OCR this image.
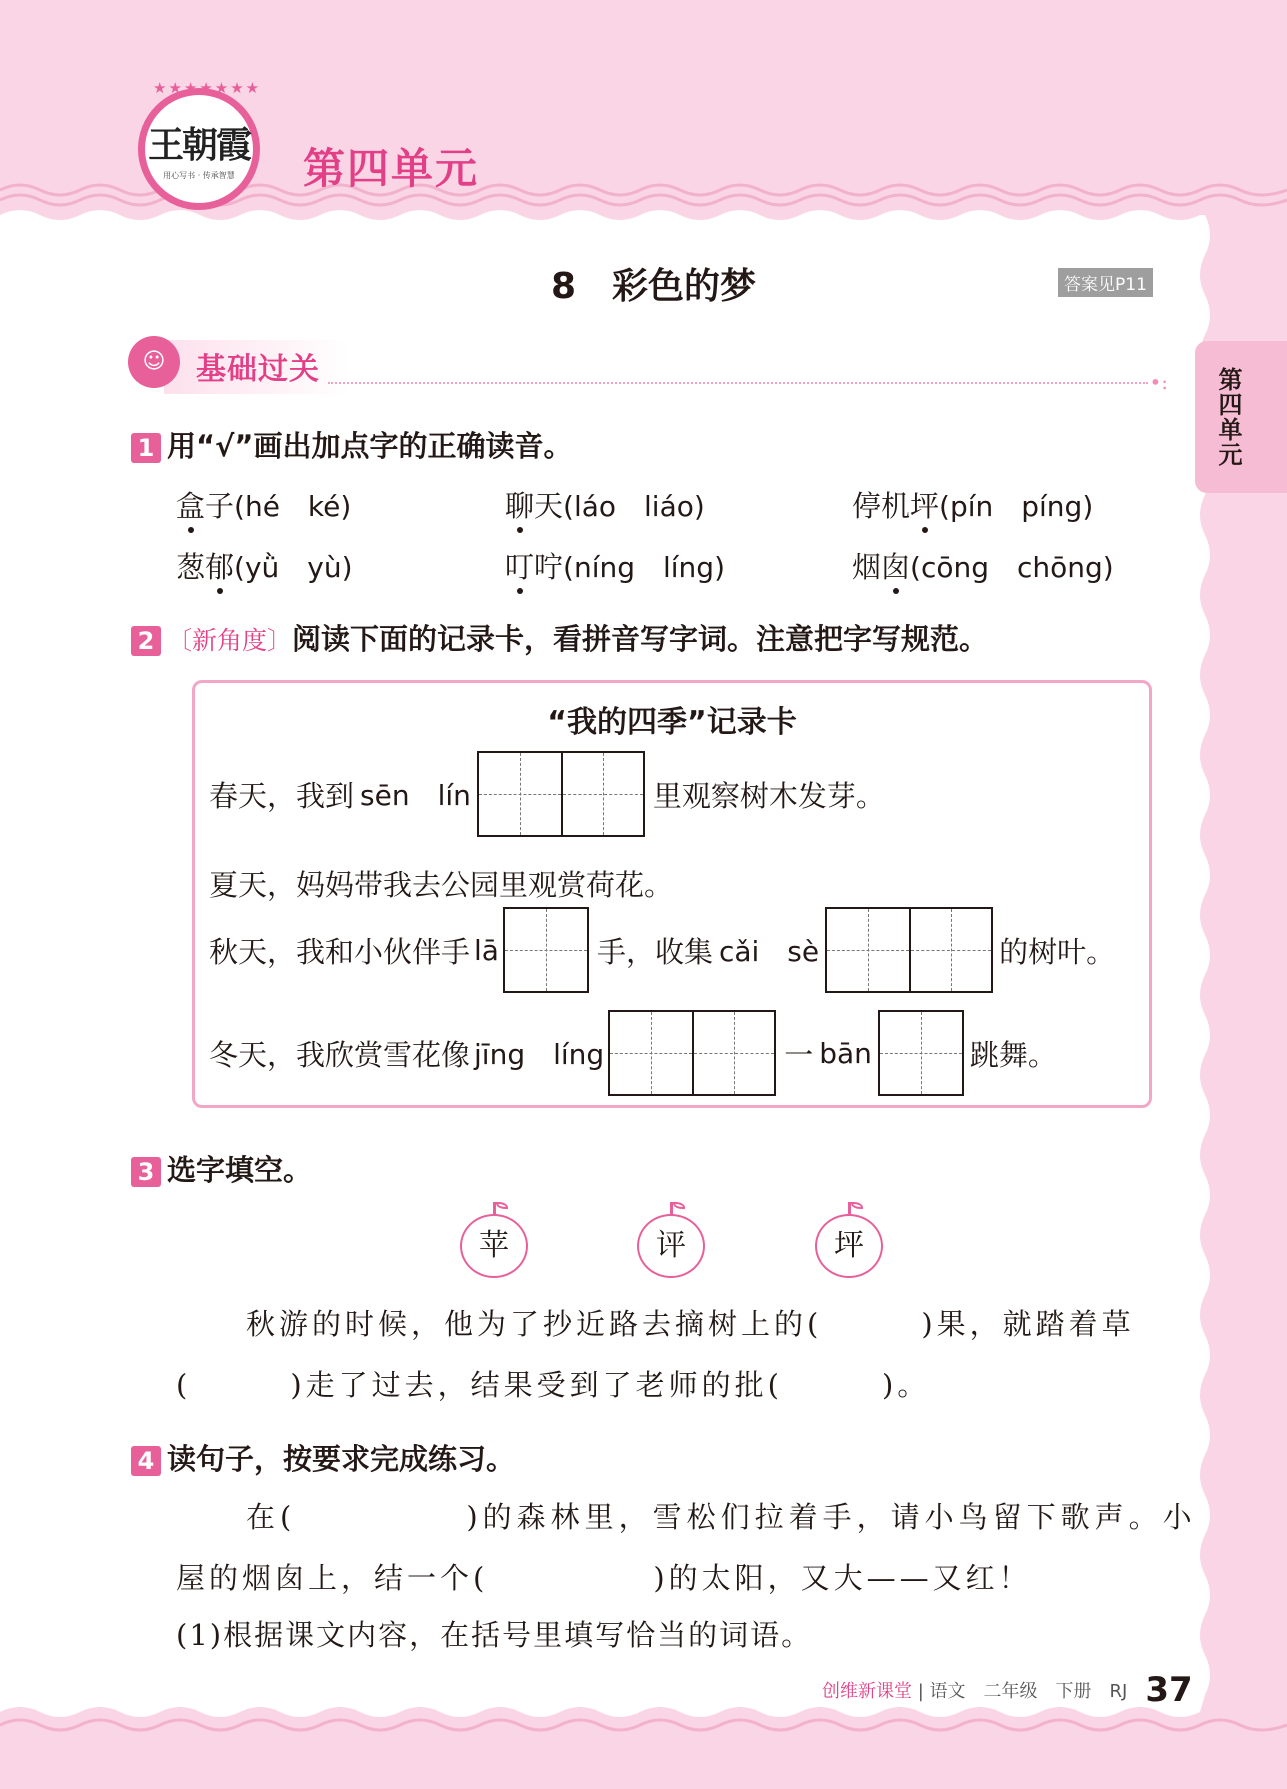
★★★★★★★
王朝霞
用心写书 · 传承智慧 第四单元
第四单元
8　彩色的梦	答案见P11
基础过关
☺
•:
1 用“√”画出加点字的正确读音。
盒子(hé　ké)	聊天(láo　liáo)	停机坪(pín　píng)
葱郁(yǜ　yù)	叮咛(níng　líng)	烟囱(cōng　chōng)
2 〔新角度〕阅读下面的记录卡，看拼音写字词。注意把字写规范。
“我的四季”记录卡
春天，我到 sēn　lín	里观察树木发芽。
夏天，妈妈带我去公园里观赏荷花。
秋天，我和小伙伴手 lā	手，收集 cǎi　sè	的树叶。
冬天，我欣赏雪花像 jīng　líng	一 bān	跳舞。
3 选字填空。
苹	评	坪
秋游的时候，他为了抄近路去摘树上的(　　　)果，就踏着草
(　　　)走了过去，结果受到了老师的批(　　　)。
4 读句子，按要求完成练习。
在(　　　　　)的森林里，雪松们拉着手，请小鸟留下歌声。小
屋的烟囱上，结一个(　　　　　)的太阳，又大——又红！
(1)根据课文内容，在括号里填写恰当的词语。
创维新课堂 | 语文　二年级　下册　RJ 37
